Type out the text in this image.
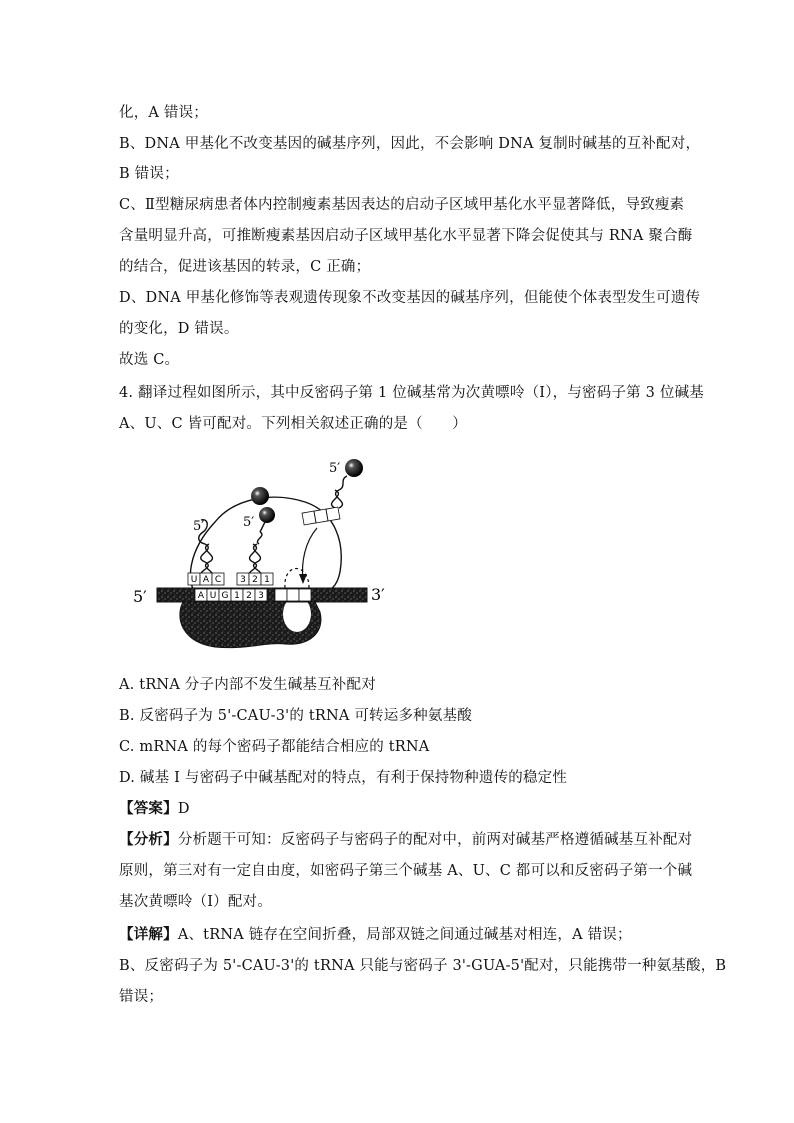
化，A 错误；
B、DNA 甲基化不改变基因的碱基序列，因此，不会影响 DNA 复制时碱基的互补配对，
B 错误；
C、Ⅱ型糖尿病患者体内控制瘦素基因表达的启动子区域甲基化水平显著降低，导致瘦素
含量明显升高，可推断瘦素基因启动子区域甲基化水平显著下降会促使其与 RNA 聚合酶
的结合，促进该基因的转录，C 正确；
D、DNA 甲基化修饰等表观遗传现象不改变基因的碱基序列，但能使个体表型发生可遗传
的变化，D 错误。
故选 C。
4. 翻译过程如图所示，其中反密码子第 1 位碱基常为次黄嘌呤（I），与密码子第 3 位碱基
A、U、C 皆可配对。下列相关叙述正确的是（　　）
A U G 1 2 3
5′	3′
5′
U A C
5′
3 2 1
5′
A. tRNA 分子内部不发生碱基互补配对
B. 反密码子为 5'-CAU-3'的 tRNA 可转运多种氨基酸
C. mRNA 的每个密码子都能结合相应的 tRNA
D. 碱基 I 与密码子中碱基配对的特点，有利于保持物种遗传的稳定性
【答案】D
【分析】分析题干可知：反密码子与密码子的配对中，前两对碱基严格遵循碱基互补配对
原则，第三对有一定自由度，如密码子第三个碱基 A、U、C 都可以和反密码子第一个碱
基次黄嘌呤（I）配对。
【详解】A、tRNA 链存在空间折叠，局部双链之间通过碱基对相连，A 错误；
B、反密码子为 5'-CAU-3'的 tRNA 只能与密码子 3'-GUA-5'配对，只能携带一种氨基酸，B
错误；
